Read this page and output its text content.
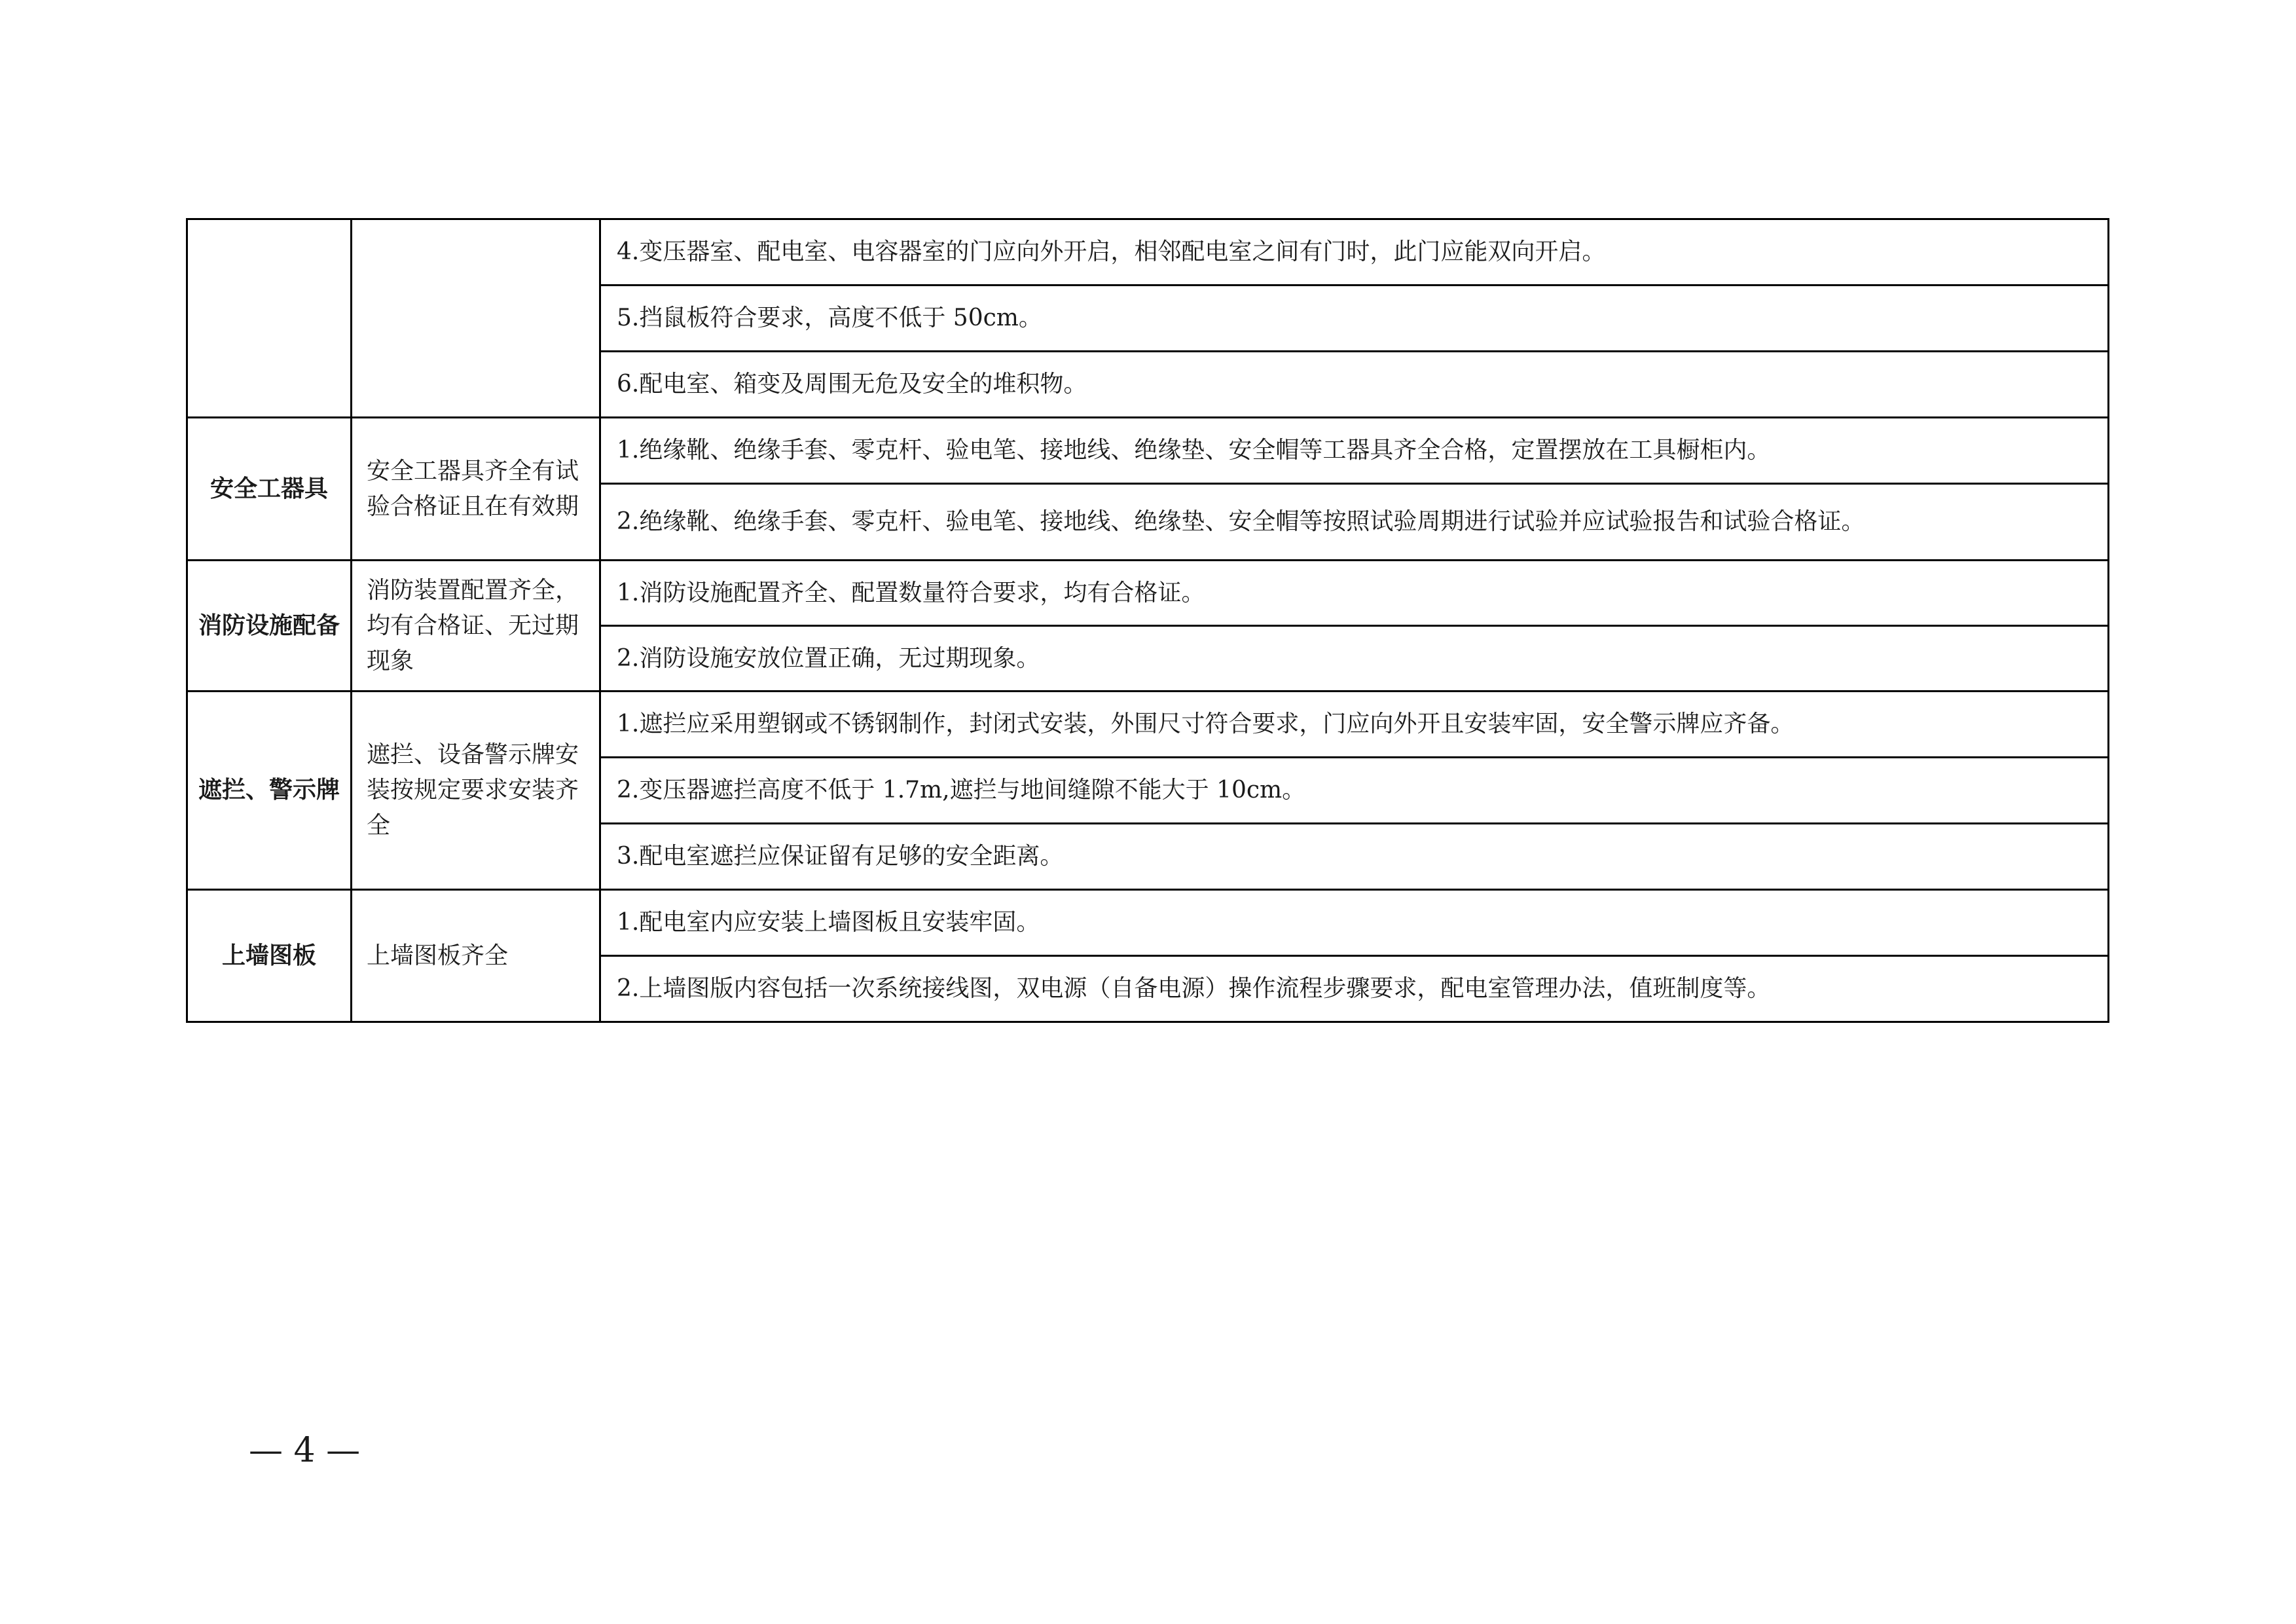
		4.变压器室、配电室、电容器室的门应向外开启，相邻配电室之间有门时，此门应能双向开启。
		5.挡鼠板符合要求，高度不低于 50cm。
		6.配电室、箱变及周围无危及安全的堆积物。
安全工器具	安全工器具齐全有试验合格证且在有效期	1.绝缘靴、绝缘手套、零克杆、验电笔、接地线、绝缘垫、安全帽等工器具齐全合格，定置摆放在工具橱柜内。
		2.绝缘靴、绝缘手套、零克杆、验电笔、接地线、绝缘垫、安全帽等按照试验周期进行试验并应试验报告和试验合格证。
消防设施配备	消防装置配置齐全，均有合格证、无过期现象	1.消防设施配置齐全、配置数量符合要求，均有合格证。
		2.消防设施安放位置正确，无过期现象。
遮拦、警示牌	遮拦、设备警示牌安装按规定要求安装齐全	1.遮拦应采用塑钢或不锈钢制作，封闭式安装，外围尺寸符合要求，门应向外开且安装牢固，安全警示牌应齐备。
		2.变压器遮拦高度不低于 1.7m,遮拦与地间缝隙不能大于 10cm。
		3.配电室遮拦应保证留有足够的安全距离。
上墙图板	上墙图板齐全	1.配电室内应安装上墙图板且安装牢固。
		2.上墙图版内容包括一次系统接线图，双电源（自备电源）操作流程步骤要求，配电室管理办法，值班制度等。
— 4 —
